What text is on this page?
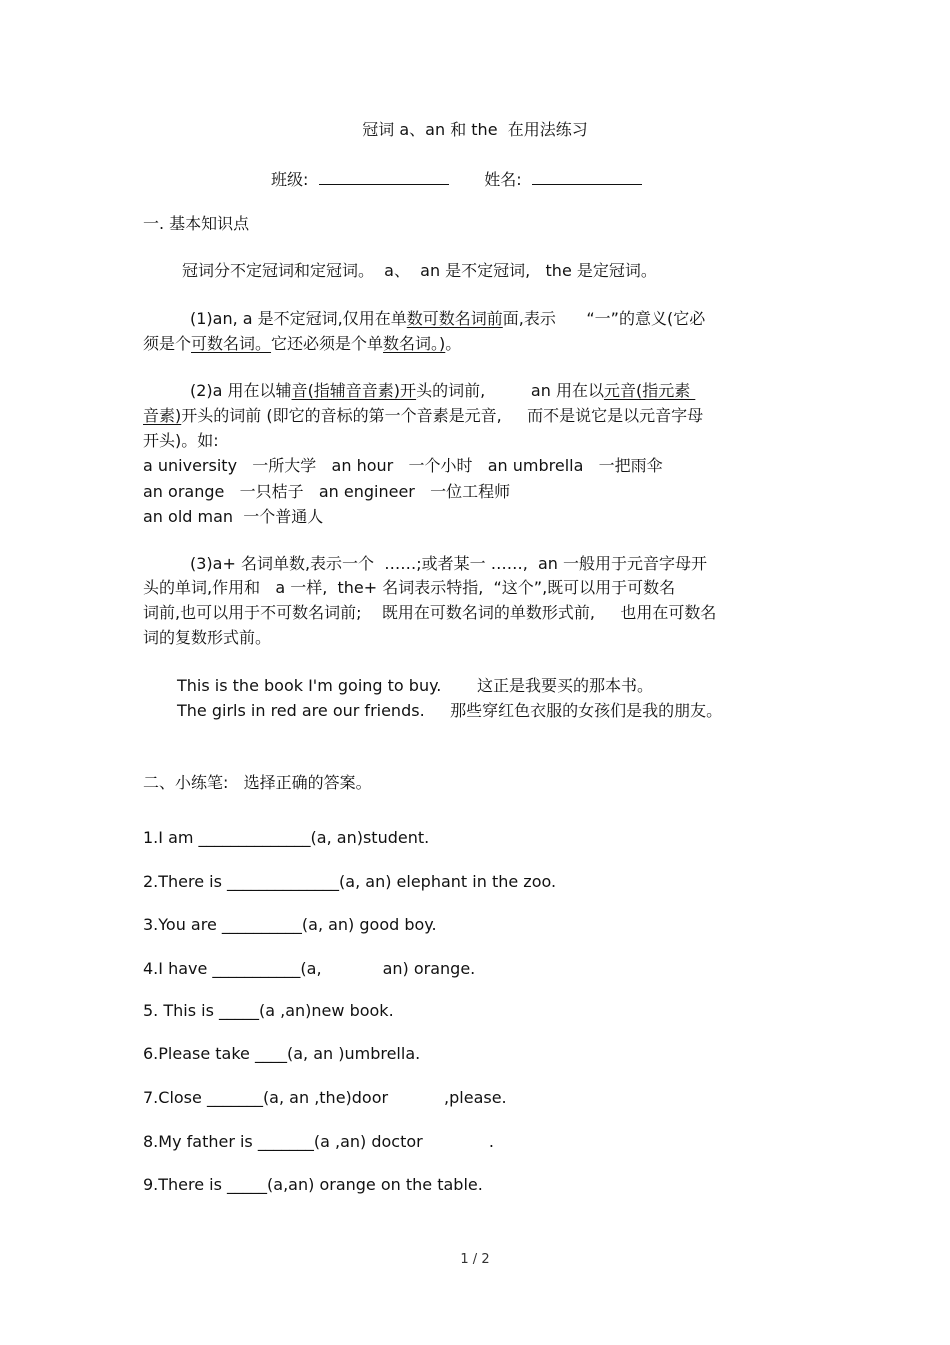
冠词 a、an 和 the  在用法练习

班级:	姓名:

一. 基本知识点

冠词分不定冠词和定冠词。  a、  an 是不定冠词,   the 是定冠词。

(1)an, a 是不定冠词,仅用在单数可数名词前面,表示      “一”的意义(它必

须是个可数名词。它还必须是个单数名词。)。

(2)a 用在以辅音(指辅音音素)开头的词前,         an 用在以元音(指元素

音素)开头的词前 (即它的音标的第一个音素是元音,     而不是说它是以元音字母

开头)。如:

a university   一所大学   an hour   一个小时   an umbrella   一把雨伞

an orange   一只桔子   an engineer   一位工程师

an old man  一个普通人

(3)a+ 名词单数,表示一个  ……;或者某一 ……,  an 一般用于元音字母开

头的单词,作用和   a 一样,  the+ 名词表示特指,  “这个”,既可以用于可数名

词前,也可以用于不可数名词前;    既用在可数名词的单数形式前,     也用在可数名

词的复数形式前。

This is the book I'm going to buy.       这正是我要买的那本书。

The girls in red are our friends.     那些穿红色衣服的女孩们是我的朋友。

二、小练笔:   选择正确的答案。

1.I am ______________(a, an)student.

2.There is ______________(a, an) elephant in the zoo.

3.You are __________(a, an) good boy.

4.I have ___________(a,            an) orange.

5. This is _____(a ,an)new book.

6.Please take ____(a, an )umbrella.

7.Close _______(a, an ,the)door           ,please.

8.My father is _______(a ,an) doctor             .

9.There is _____(a,an) orange on the table.

1 / 2
